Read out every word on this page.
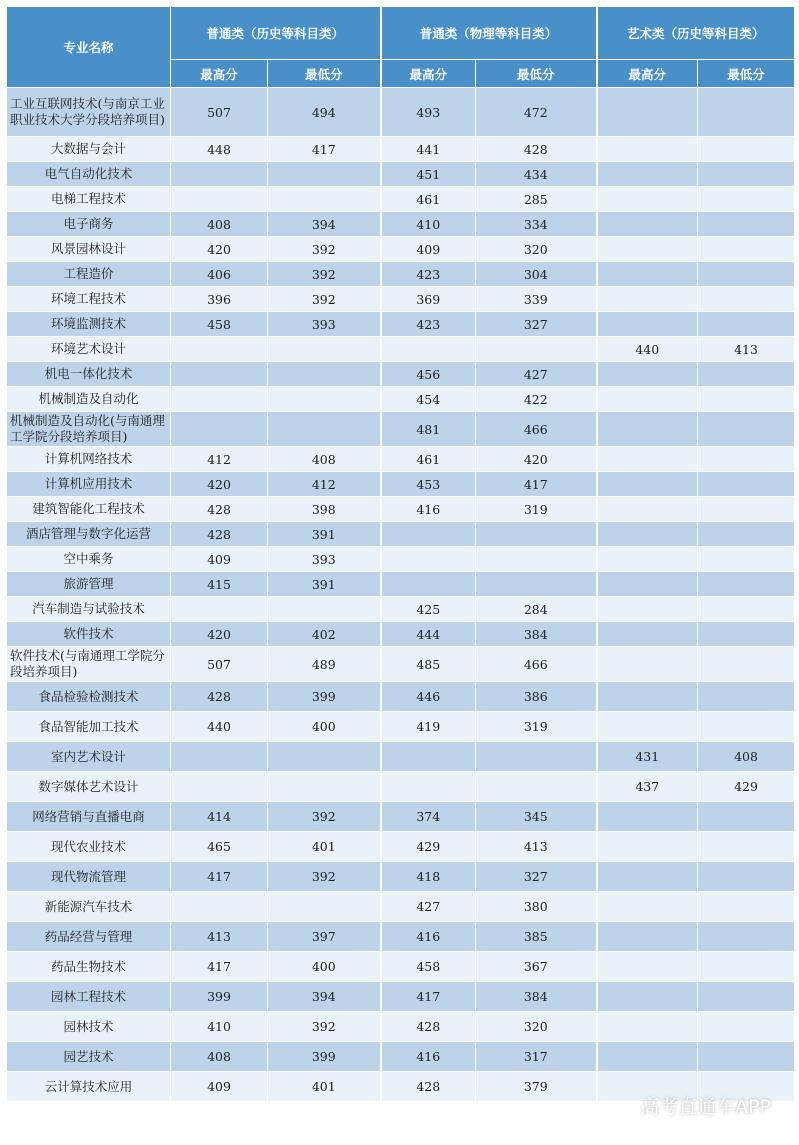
专业名称	普通类（历史等科目类）		普通类（物理等科目类）		艺术类（历史等科目类）	
	最高分	最低分	最高分	最低分	最高分	最低分
工业互联网技术(与南京工业职业技术大学分段培养项目)	507	494	493	472		
大数据与会计	448	417	441	428		
电气自动化技术			451	434		
电梯工程技术			461	285		
电子商务	408	394	410	334		
风景园林设计	420	392	409	320		
工程造价	406	392	423	304		
环境工程技术	396	392	369	339		
环境监测技术	458	393	423	327		
环境艺术设计					440	413
机电一体化技术			456	427		
机械制造及自动化			454	422		
机械制造及自动化(与南通理工学院分段培养项目)			481	466		
计算机网络技术	412	408	461	420		
计算机应用技术	420	412	453	417		
建筑智能化工程技术	428	398	416	319		
酒店管理与数字化运营	428	391				
空中乘务	409	393				
旅游管理	415	391				
汽车制造与试验技术			425	284		
软件技术	420	402	444	384		
软件技术(与南通理工学院分段培养项目)	507	489	485	466		
食品检验检测技术	428	399	446	386		
食品智能加工技术	440	400	419	319		
室内艺术设计					431	408
数字媒体艺术设计					437	429
网络营销与直播电商	414	392	374	345		
现代农业技术	465	401	429	413		
现代物流管理	417	392	418	327		
新能源汽车技术			427	380		
药品经营与管理	413	397	416	385		
药品生物技术	417	400	458	367		
园林工程技术	399	394	417	384		
园林技术	410	392	428	320		
园艺技术	408	399	416	317		
云计算技术应用	409	401	428	379		
高考直通车APP
